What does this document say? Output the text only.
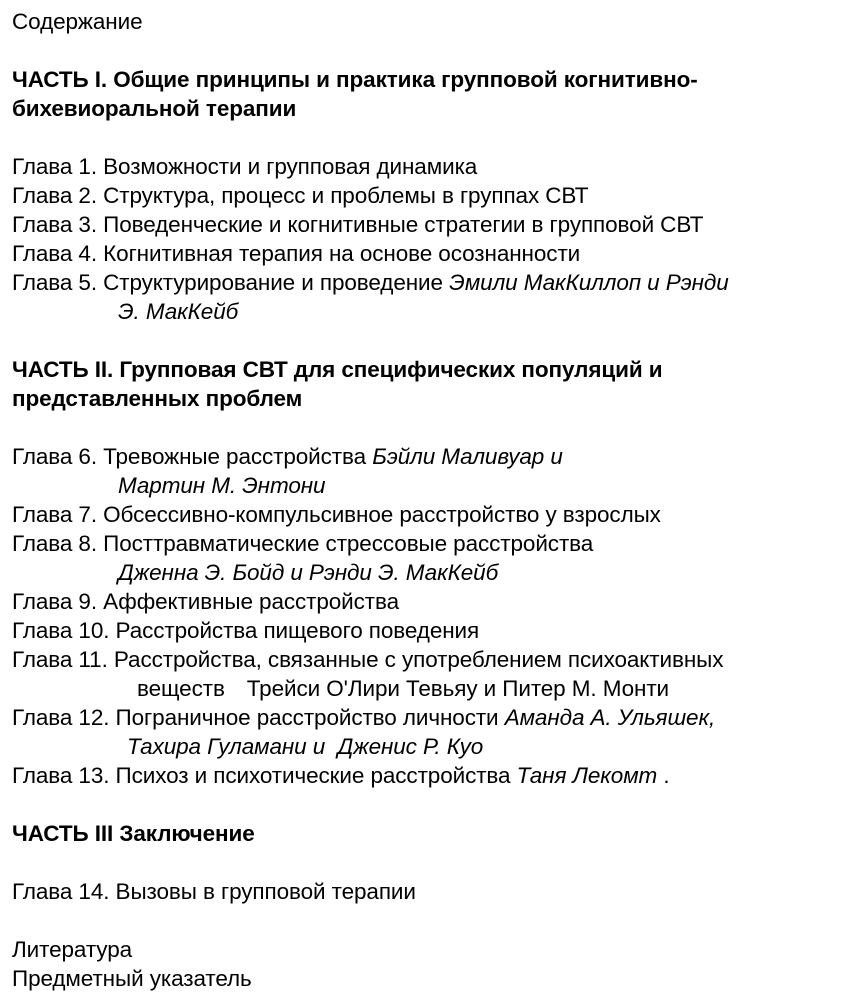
Содержание
ЧАСТЬ I. Общие принципы и практика групповой когнитивно-
бихевиоральной терапии
Глава 1. Возможности и групповая динамика
Глава 2. Структура, процесс и проблемы в группах СВТ
Глава 3. Поведенческие и когнитивные стратегии в групповой СВТ
Глава 4. Когнитивная терапия на основе осознанности
Глава 5. Структурирование и проведение Эмили МакКиллоп и Рэнди
Э. МакКейб
ЧАСТЬ II. Групповая СВТ для специфических популяций и
представленных проблем
Глава 6. Тревожные расстройства Бэйли Маливуар и
Мартин М. Энтони
Глава 7. Обсессивно-компульсивное расстройство у взрослых
Глава 8. Посттравматические стрессовые расстройства
Дженна Э. Бойд и Рэнди Э. МакКейб
Глава 9. Аффективные расстройства
Глава 10. Расстройства пищевого поведения
Глава 11. Расстройства, связанные с употреблением психоактивных
веществ Трейси О'Лири Тевьяу и Питер М. Монти
Глава 12. Пограничное расстройство личности Аманда А. Ульяшек,
Тахира Гуламани и  Дженис Р. Куо
Глава 13. Психоз и психотические расстройства Таня Лекомт .
ЧАСТЬ III Заключение
Глава 14. Вызовы в групповой терапии
Литература
Предметный указатель
